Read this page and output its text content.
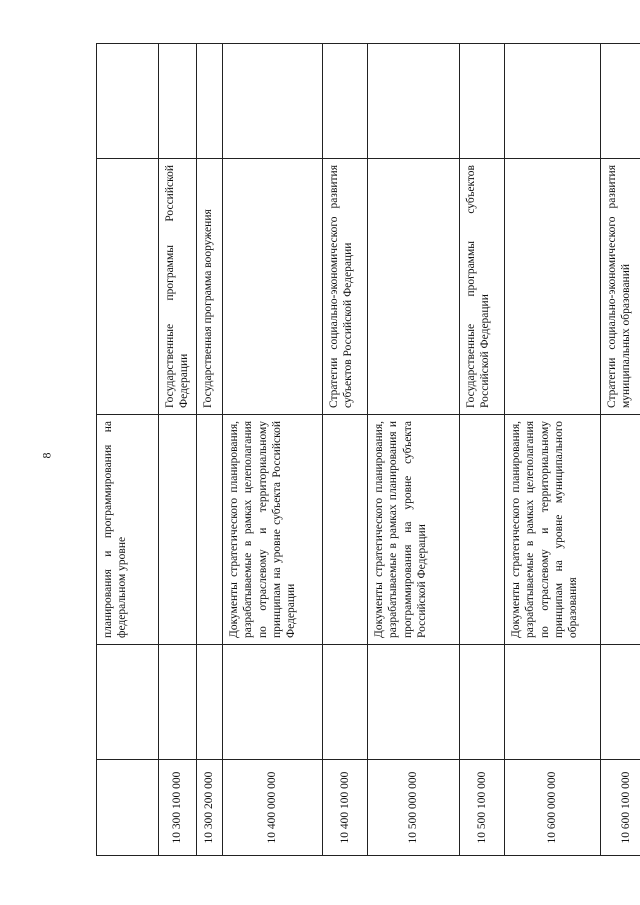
8
			планирования и программирования на федеральном уровне		
10 300 100 000			Государственные программы Российской Федерации	
10 300 200 000			Государственная программа вооружения	
10 400 000 000		Документы стратегического планирования, разрабатываемые в рамках целеполагания по отраслевому и территориальному принципам на уровне субъекта Российской Федерации		
10 400 100 000			Стратегии социально-экономического развития субъектов Российской Федерации	
10 500 000 000		Документы стратегического планирования, разрабатываемые в рамках планирования и программирования на уровне субъекта Российской Федерации		
10 500 100 000			Государственные программы субъектов Российской Федерации	
10 600 000 000		Документы стратегического планирования, разрабатываемые в рамках целеполагания по отраслевому и территориальному принципам на уровне муниципального образования		
10 600 100 000			Стратегии социально-экономического развития муниципальных образований	
